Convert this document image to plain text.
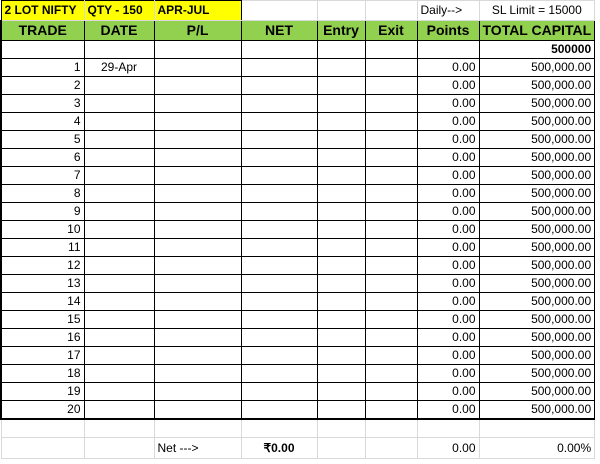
2 LOT NIFTY	QTY - 150	APR-JUL				Daily-->	SL Limit = 15000
TRADE	DATE	P/L	NET	Entry	Exit	Points	TOTAL CAPITAL
							500000
1	29-Apr					0.00	500,000.00
2						0.00	500,000.00
3						0.00	500,000.00
4						0.00	500,000.00
5						0.00	500,000.00
6						0.00	500,000.00
7						0.00	500,000.00
8						0.00	500,000.00
9						0.00	500,000.00
10						0.00	500,000.00
11						0.00	500,000.00
12						0.00	500,000.00
13						0.00	500,000.00
14						0.00	500,000.00
15						0.00	500,000.00
16						0.00	500,000.00
17						0.00	500,000.00
18						0.00	500,000.00
19						0.00	500,000.00
20						0.00	500,000.00

		Net --->	₹0.00			0.00	0.00%
